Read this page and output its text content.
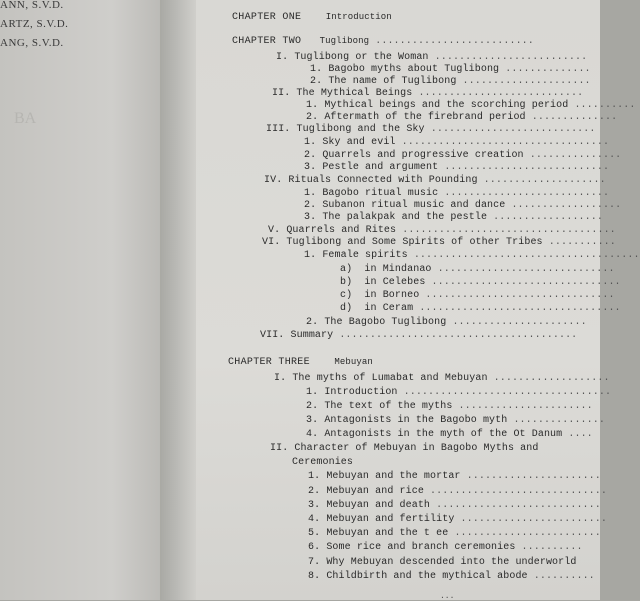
ANN, S.V.D.
ARTZ, S.V.D.
ANG, S.V.D.
BA
CHAPTER ONE	Introduction
CHAPTER TWO Tuglibong ..........................
I. Tuglibong or the Woman .........................
1. Bagobo myths about Tuglibong ..............
2. The name of Tuglibong .....................
II. The Mythical Beings ...........................
1. Mythical beings and the scorching period ..........
2. Aftermath of the firebrand period ..............
III. Tuglibong and the Sky ...........................
1. Sky and evil ..................................
2. Quarrels and progressive creation ...............
3. Pestle and argument ...........................
IV. Rituals Connected with Pounding ....................
1. Bagobo ritual music ...........................
2. Subanon ritual music and dance ..................
3. The palakpak and the pestle ..................
V. Quarrels and Rites ...................................
VI. Tuglibong and Some Spirits of other Tribes ...........
1. Female spirits .....................................
a) in Mindanao .............................
b) in Celebes ...............................
c) in Borneo ...............................
d) in Ceram .................................
2. The Bagobo Tuglibong ......................
VII. Summary .......................................
CHAPTER THREE	Mebuyan
I. The myths of Lumabat and Mebuyan ...................
1. Introduction ..................................
2. The text of the myths ......................
3. Antagonists in the Bagobo myth ...............
4. Antagonists in the myth of the Ot Danum ....
II. Character of Mebuyan in Bagobo Myths and
Ceremonies
1. Mebuyan and the mortar ......................
2. Mebuyan and rice .............................
3. Mebuyan and death ...........................
4. Mebuyan and fertility ........................
5. Mebuyan and the t ee ........................
6. Some rice and branch ceremonies ..........
7. Why Mebuyan descended into the underworld
8. Childbirth and the mythical abode ..........
...
